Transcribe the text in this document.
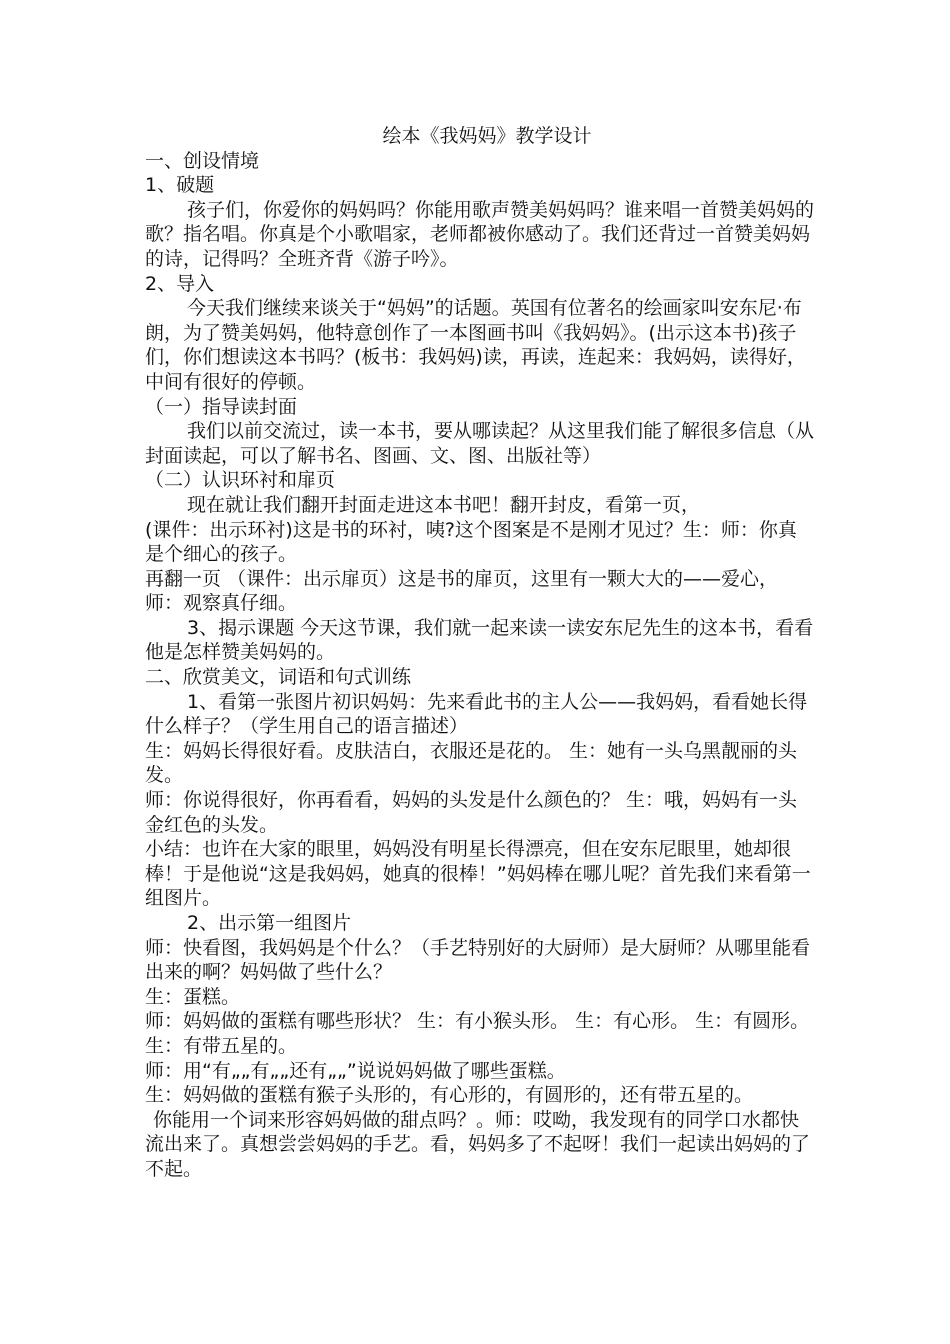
绘本《我妈妈》教学设计

一、创设情境

1、破题

孩子们，你爱你的妈妈吗？你能用歌声赞美妈妈吗？谁来唱一首赞美妈妈的歌？指名唱。你真是个小歌唱家，老师都被你感动了。我们还背过一首赞美妈妈的诗，记得吗？全班齐背《游子吟》。

2、导入

今天我们继续来谈关于“妈妈”的话题。英国有位著名的绘画家叫安东尼·布朗，为了赞美妈妈，他特意创作了一本图画书叫《我妈妈》。(出示这本书)孩子们，你们想读这本书吗？(板书：我妈妈)读，再读，连起来：我妈妈，读得好，中间有很好的停顿。

（一）指导读封面

我们以前交流过，读一本书，要从哪读起？从这里我们能了解很多信息（从封面读起，可以了解书名、图画、文、图、出版社等）

（二）认识环衬和扉页

现在就让我们翻开封面走进这本书吧！翻开封皮，看第一页，

(课件：出示环衬)这是书的环衬，咦?这个图案是不是刚才见过？生：师：你真是个细心的孩子。

再翻一页 （课件：出示扉页）这是书的扉页，这里有一颗大大的——爱心，师：观察真仔细。

3、揭示课题 今天这节课，我们就一起来读一读安东尼先生的这本书，看看他是怎样赞美妈妈的。

二、欣赏美文，词语和句式训练

1、看第一张图片初识妈妈：先来看此书的主人公——我妈妈，看看她长得什么样子？（学生用自己的语言描述）

生：妈妈长得很好看。皮肤洁白，衣服还是花的。 生：她有一头乌黑靓丽的头发。

师：你说得很好，你再看看，妈妈的头发是什么颜色的？ 生：哦，妈妈有一头金红色的头发。

小结：也许在大家的眼里，妈妈没有明星长得漂亮，但在安东尼眼里，她却很棒！于是他说“这是我妈妈，她真的很棒！”妈妈棒在哪儿呢？首先我们来看第一组图片。

2、出示第一组图片

师：快看图，我妈妈是个什么？（手艺特别好的大厨师）是大厨师？从哪里能看出来的啊？妈妈做了些什么？

生：蛋糕。

师：妈妈做的蛋糕有哪些形状？ 生：有小猴头形。 生：有心形。 生：有圆形。

生：有带五星的。

师：用“有„„有„„还有„„”说说妈妈做了哪些蛋糕。

生：妈妈做的蛋糕有猴子头形的，有心形的，有圆形的，还有带五星的。

你能用一个词来形容妈妈做的甜点吗？。师：哎呦，我发现有的同学口水都快流出来了。真想尝尝妈妈的手艺。看，妈妈多了不起呀！我们一起读出妈妈的了不起。
